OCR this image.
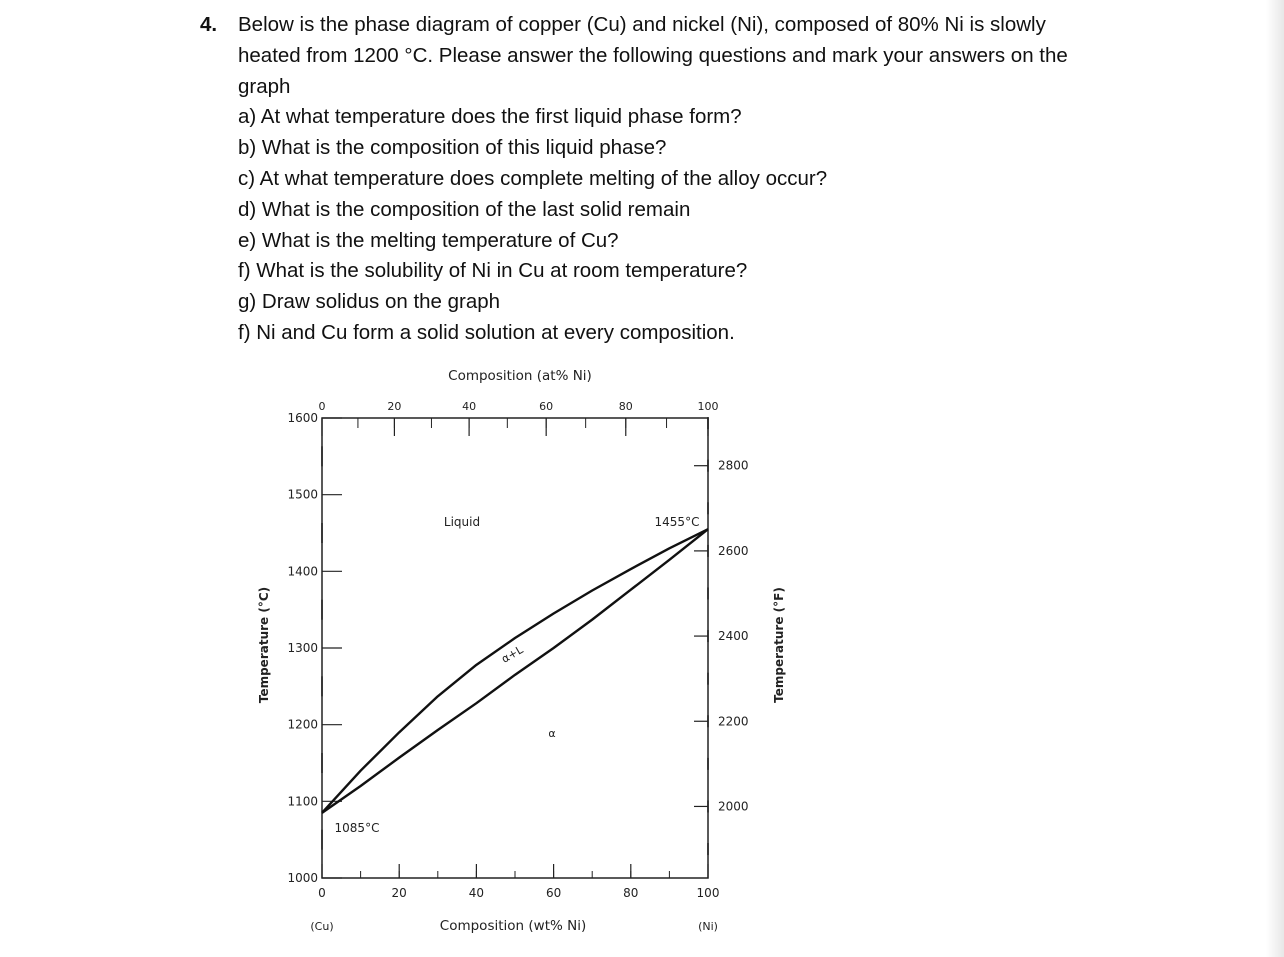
4. Below is the phase diagram of copper (Cu) and nickel (Ni), composed of 80% Ni is slowly
heated from 1200 °C. Please answer the following questions and mark your answers on the
graph
a) At what temperature does the first liquid phase form?
b) What is the composition of this liquid phase?
c) At what temperature does complete melting of the alloy occur?
d) What is the composition of the last solid remain
e) What is the melting temperature of Cu?
f) What is the solubility of Ni in Cu at room temperature?
g) Draw solidus on the graph
f) Ni and Cu form a solid solution at every composition.
Composition (at% Ni)
Composition (wt% Ni)
Temperature (°C)	Temperature (°F)
(Cu)	(Ni)
Liquid
α+L
α
1085°C
1455°C
1000
1100
1200
1300
1400
1500
1600
2000
2200
2400
2600
2800
0	20	40	60	80	100
0	20	40	60	80	100
